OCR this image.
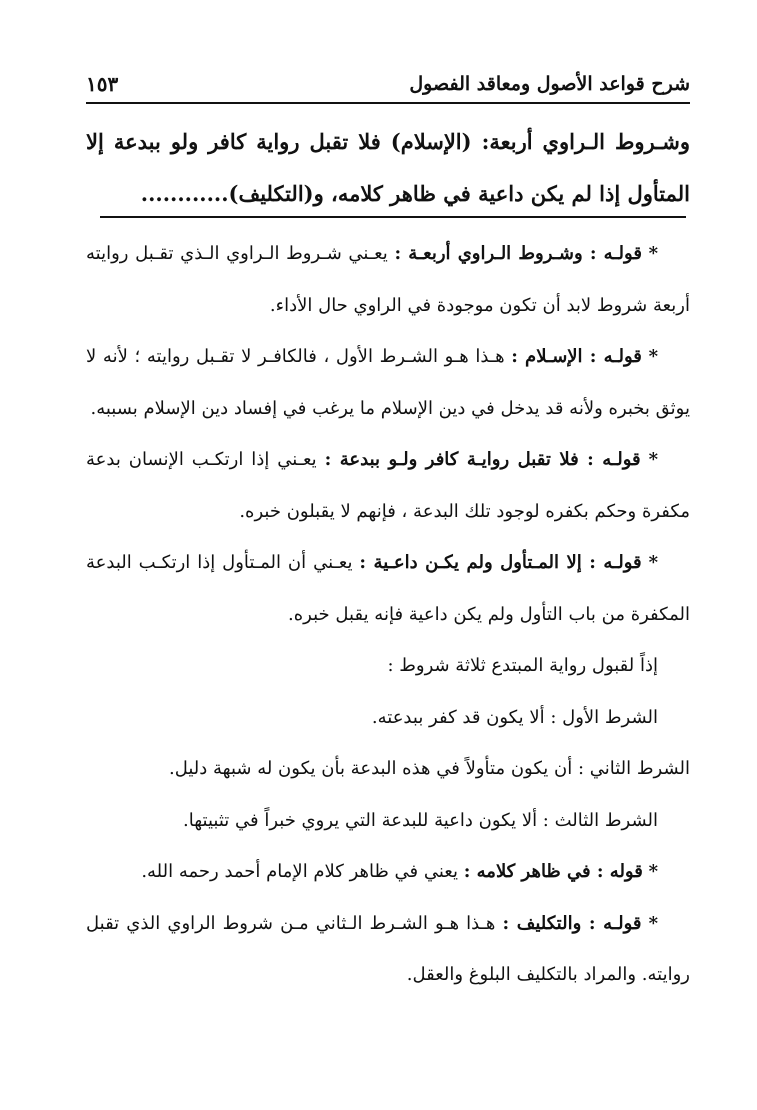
١٥٣	شرح قواعد الأصول ومعاقد الفصول
وشـروط الـراوي أربعة: (الإسلام) فلا تقبل رواية كافر ولو ببدعة إلا المتأول إذا لم يكن داعية في ظاهر كلامه، و(التكليف)............

* قولـه : وشـروط الـراوي أربعـة : يعـني شـروط الـراوي الـذي تقـبل روايته أربعة شروط لابد أن تكون موجودة في الراوي حال الأداء.

* قولـه : الإسـلام : هـذا هـو الشـرط الأول ، فالكافـر لا تقـبل روايته ؛ لأنه لا يوثق بخبره ولأنه قد يدخل في دين الإسلام ما يرغب في إفساد دين الإسلام بسببه.

* قولـه : فلا تقبل روايـة كافر ولـو ببدعة : يعـني إذا ارتكـب الإنسان بدعة مكفرة وحكم بكفره لوجود تلك البدعة ، فإنهم لا يقبلون خبره.

* قولـه : إلا المـتأول ولم يكـن داعـية : يعـني أن المـتأول إذا ارتكـب البدعة المكفرة من باب التأول ولم يكن داعية فإنه يقبل خبره.

إذاً لقبول رواية المبتدع ثلاثة شروط :

الشرط الأول : ألا يكون قد كفر ببدعته.

الشرط الثاني : أن يكون متأولاً في هذه البدعة بأن يكون له شبهة دليل.

الشرط الثالث : ألا يكون داعية للبدعة التي يروي خبراً في تثبيتها.

* قوله : في ظاهر كلامه : يعني في ظاهر كلام الإمام أحمد رحمه الله.

* قولـه : والتكليف : هـذا هـو الشـرط الـثاني مـن شروط الراوي الذي تقبل روايته. والمراد بالتكليف البلوغ والعقل.
